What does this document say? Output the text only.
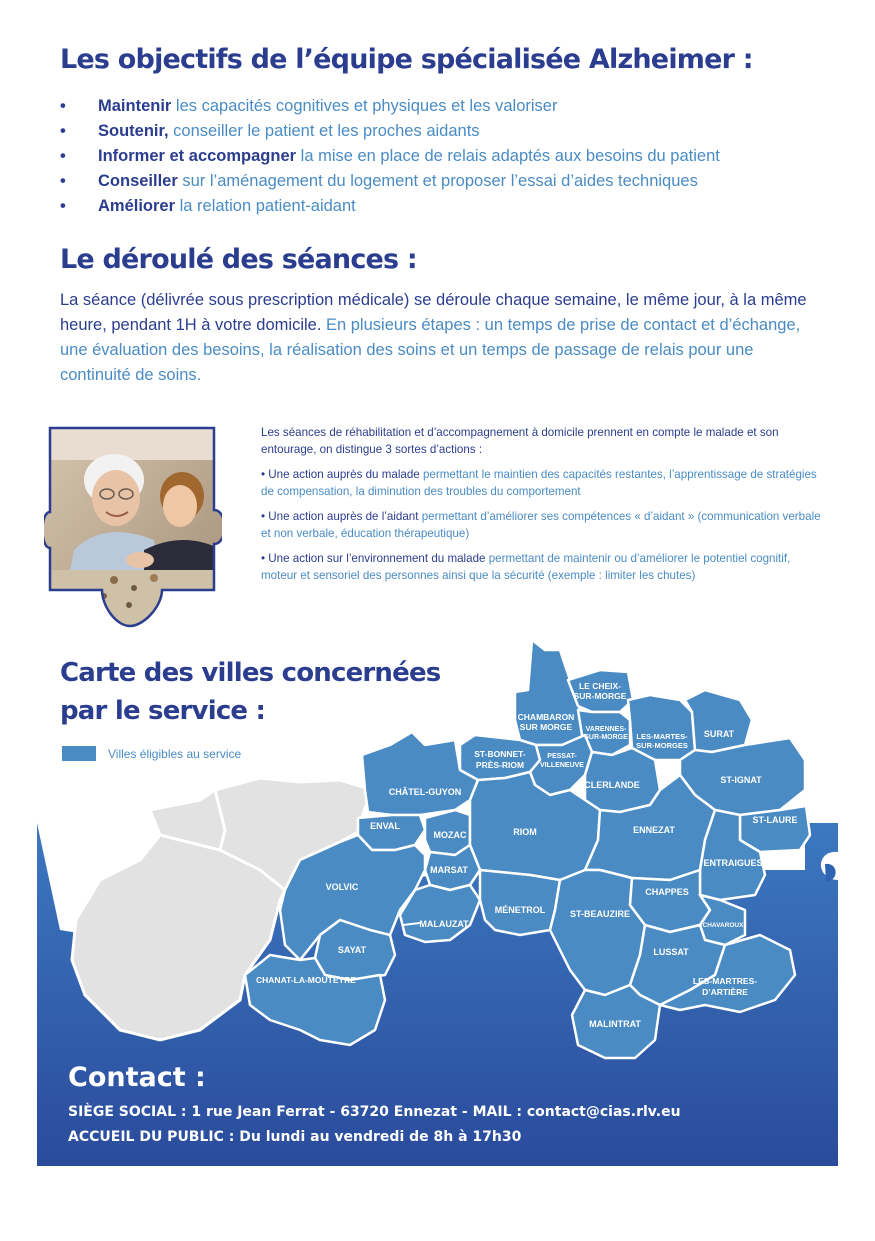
Les objectifs de l’équipe spécialisée Alzheimer :
• Maintenir les capacités cognitives et physiques et les valoriser
• Soutenir, conseiller le patient et les proches aidants
• Informer et accompagner la mise en place de relais adaptés aux besoins du patient
• Conseiller sur l’aménagement du logement et proposer l’essai d’aides techniques
• Améliorer la relation patient-aidant
Le déroulé des séances :

La séance (délivrée sous prescription médicale) se déroule chaque semaine, le même jour, à la même heure, pendant 1H à votre domicile. En plusieurs étapes : un temps de prise de contact et d’échange, une évaluation des besoins, la réalisation des soins et un temps de passage de relais pour une continuité de soins.

Les séances de réhabilitation et d’accompagnement à domicile prennent en compte le malade et son entourage, on distingue 3 sortes d’actions :

• Une action auprès du malade permettant le maintien des capacités restantes, l’apprentissage de stratégies de compensation, la diminution des troubles du comportement

• Une action auprès de l’aidant permettant d’améliorer ses compétences « d’aidant » (communication verbale et non verbale, éducation thérapeutique)

• Une action sur l’environnement du malade permettant de maintenir ou d’améliorer le potentiel cognitif, moteur et sensoriel des personnes ainsi que la sécurité (exemple : limiter les chutes)

LE CHEIX-
SUR-MORGE
CHAMBARON
SUR MORGE VARENNES-
SUR-MORGE LES-MARTES-
SUR-MORGES
SURAT
ST-BONNET-
PRÈS-RIOM
PESSAT-
VILLENEUVE
CLERLANDE	ST-IGNAT
CHÂTEL-GUYON
ENVAL
MOZAC	RIOM	ENNEZAT
ST-LAURE
ENTRAIGUES
MARSAT
VOLVIC	CHAPPES
MÉNETROL
MALAUZAT
ST-BEAUZIRE
CHAVAROUX
SAYAT	LUSSAT
CHANAT-LA-MOUTEYRE	LES-MARTRES-
D’ARTIÈRE
MALINTRAT
Carte des villes concernées
par le service :
Villes éligibles au service
Contact :
SIÈGE SOCIAL : 1 rue Jean Ferrat - 63720 Ennezat - MAIL : contact@cias.rlv.eu
ACCUEIL DU PUBLIC : Du lundi au vendredi de 8h à 17h30
